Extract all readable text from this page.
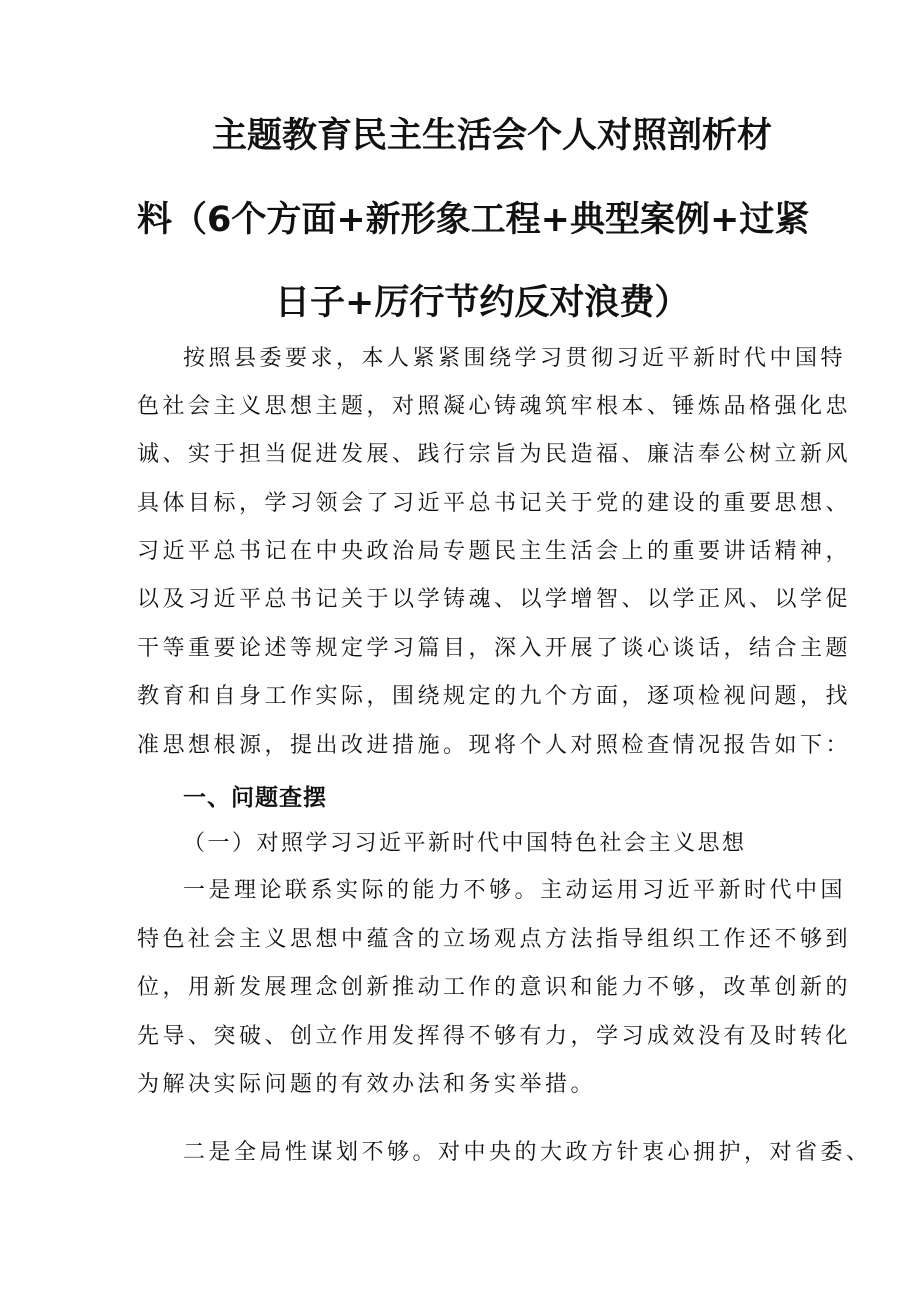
主题教育民主生活会个人对照剖析材
料（6个方面+新形象工程+典型案例+过紧
日子+厉行节约反对浪费）
按照县委要求，本人紧紧围绕学习贯彻习近平新时代中国特
色社会主义思想主题，对照凝心铸魂筑牢根本、锤炼品格强化忠
诚、实于担当促进发展、践行宗旨为民造福、廉洁奉公树立新风
具体目标，学习领会了习近平总书记关于党的建设的重要思想、
习近平总书记在中央政治局专题民主生活会上的重要讲话精神，
以及习近平总书记关于以学铸魂、以学增智、以学正风、以学促
干等重要论述等规定学习篇目，深入开展了谈心谈话，结合主题
教育和自身工作实际，围绕规定的九个方面，逐项检视问题，找
准思想根源，提出改进措施。现将个人对照检查情况报告如下：
一、问题查摆
（一）对照学习习近平新时代中国特色社会主义思想
一是理论联系实际的能力不够。主动运用习近平新时代中国
特色社会主义思想中蕴含的立场观点方法指导组织工作还不够到
位，用新发展理念创新推动工作的意识和能力不够，改革创新的
先导、突破、创立作用发挥得不够有力，学习成效没有及时转化
为解决实际问题的有效办法和务实举措。
二是全局性谋划不够。对中央的大政方针衷心拥护，对省委、
